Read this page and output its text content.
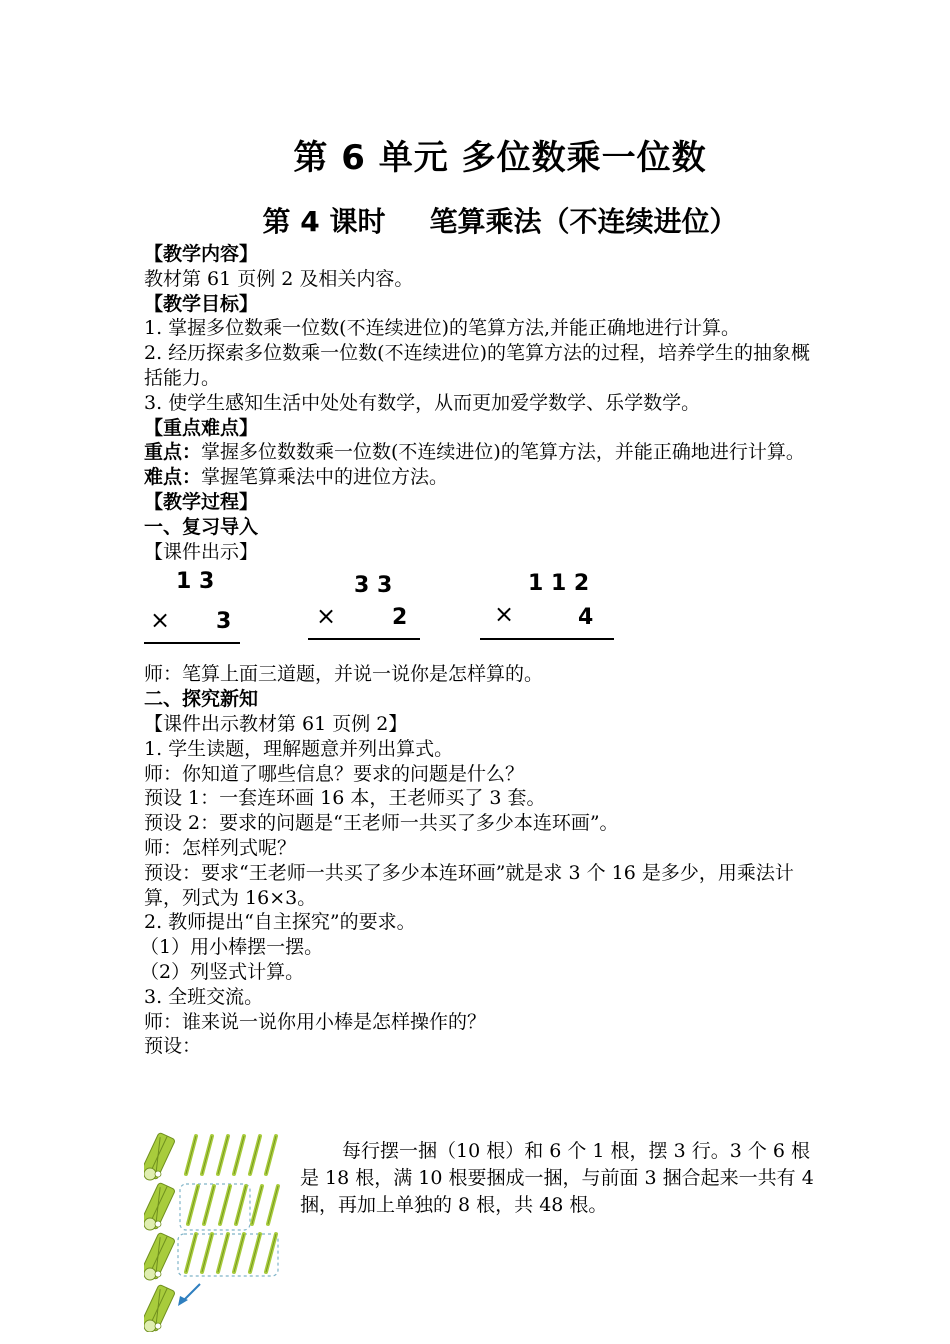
第 6 单元 多位数乘一位数
第 4 课时 笔算乘法（不连续进位）

【教学内容】

教材第 61 页例 2 及相关内容。

【教学目标】

1. 掌握多位数乘一位数(不连续进位)的笔算方法,并能正确地进行计算。

2. 经历探索多位数乘一位数(不连续进位)的笔算方法的过程，培养学生的抽象概括能力。

3. 使学生感知生活中处处有数学，从而更加爱学数学、乐学数学。

【重点难点】

重点：掌握多位数数乘一位数(不连续进位)的笔算方法，并能正确地进行计算。

难点：掌握笔算乘法中的进位方法。

【教学过程】

一、复习导入

【课件出示】

1 3
× 3
3 3
×	2
1 1 2
×	4

师：笔算上面三道题，并说一说你是怎样算的。

二、探究新知

【课件出示教材第 61 页例 2】

1. 学生读题，理解题意并列出算式。

师：你知道了哪些信息？要求的问题是什么？

预设 1：一套连环画 16 本，王老师买了 3 套。

预设 2：要求的问题是“王老师一共买了多少本连环画”。

师：怎样列式呢？

预设：要求“王老师一共买了多少本连环画”就是求 3 个 16 是多少，用乘法计算，列式为 16×3。

2. 教师提出“自主探究”的要求。

（1）用小棒摆一摆。

（2）列竖式计算。

3. 全班交流。

师：谁来说一说你用小棒是怎样操作的？

预设：

每行摆一捆（10 根）和 6 个 1 根，摆 3 行。3 个 6 根是 18 根，满 10 根要捆成一捆，与前面 3 捆合起来一共有 4 捆，再加上单独的 8 根，共 48 根。
